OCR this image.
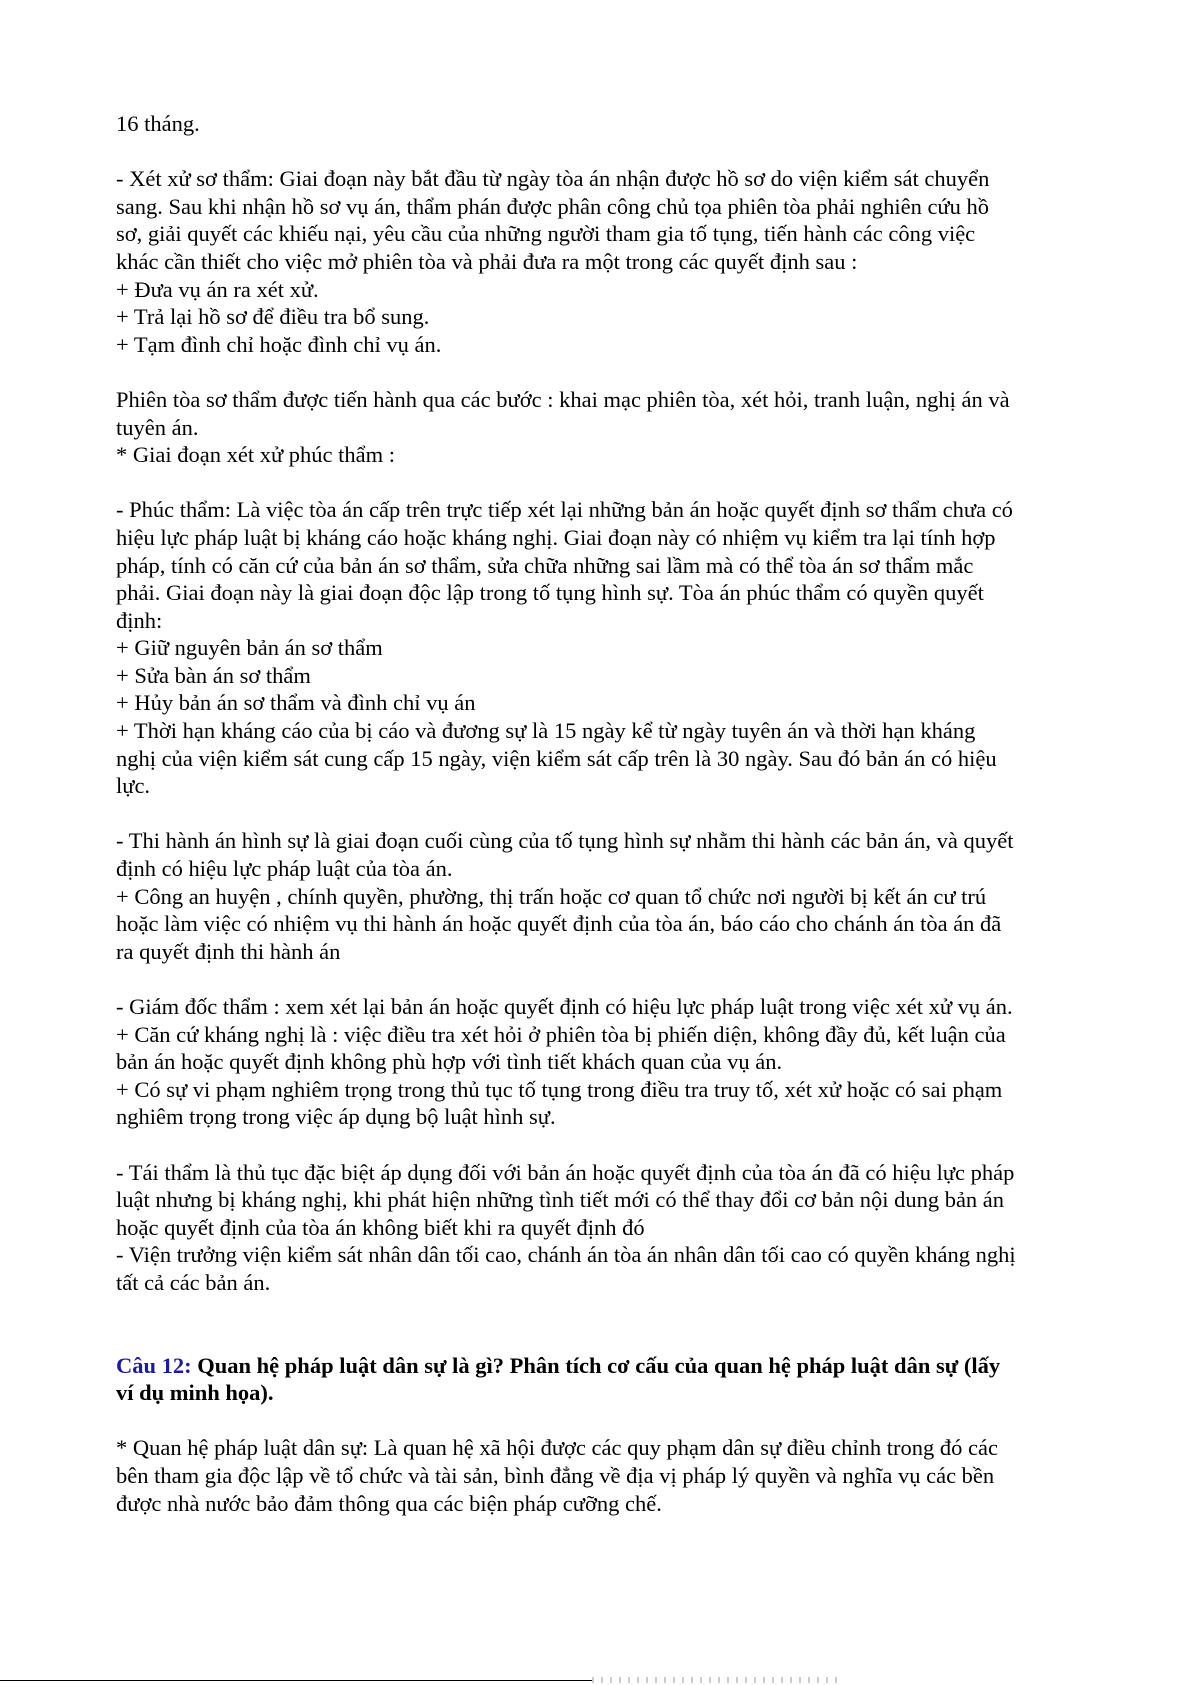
16 tháng.
- Xét xử sơ thẩm: Giai đoạn này bắt đầu từ ngày tòa án nhận được hồ sơ do viện kiểm sát chuyển
sang. Sau khi nhận hồ sơ vụ án, thẩm phán được phân công chủ tọa phiên tòa phải nghiên cứu hồ
sơ, giải quyết các khiếu nại, yêu cầu của những người tham gia tố tụng, tiến hành các công việc
khác cần thiết cho việc mở phiên tòa và phải đưa ra một trong các quyết định sau :
+ Đưa vụ án ra xét xử.
+ Trả lại hồ sơ để điều tra bổ sung.
+ Tạm đình chỉ hoặc đình chỉ vụ án.
Phiên tòa sơ thẩm được tiến hành qua các bước : khai mạc phiên tòa, xét hỏi, tranh luận, nghị án và
tuyên án.
* Giai đoạn xét xử phúc thẩm :
- Phúc thẩm: Là việc tòa án cấp trên trực tiếp xét lại những bản án hoặc quyết định sơ thẩm chưa có
hiệu lực pháp luật bị kháng cáo hoặc kháng nghị. Giai đoạn này có nhiệm vụ kiểm tra lại tính hợp
pháp, tính có căn cứ của bản án sơ thẩm, sửa chữa những sai lầm mà có thể tòa án sơ thẩm mắc
phải. Giai đoạn này là giai đoạn độc lập trong tố tụng hình sự. Tòa án phúc thẩm có quyền quyết
định:
+ Giữ nguyên bản án sơ thẩm
+ Sửa bàn án sơ thẩm
+ Hủy bản án sơ thẩm và đình chỉ vụ án
+ Thời hạn kháng cáo của bị cáo và đương sự là 15 ngày kể từ ngày tuyên án và thời hạn kháng
nghị của viện kiểm sát cung cấp 15 ngày, viện kiểm sát cấp trên là 30 ngày. Sau đó bản án có hiệu
lực.
- Thi hành án hình sự là giai đoạn cuối cùng của tố tụng hình sự nhằm thi hành các bản án, và quyết
định có hiệu lực pháp luật của tòa án.
+ Công an huyện , chính quyền, phường, thị trấn hoặc cơ quan tổ chức nơi người bị kết án cư trú
hoặc làm việc có nhiệm vụ thi hành án hoặc quyết định của tòa án, báo cáo cho chánh án tòa án đã
ra quyết định thi hành án
- Giám đốc thẩm : xem xét lại bản án hoặc quyết định có hiệu lực pháp luật trong việc xét xử vụ án.
+ Căn cứ kháng nghị là : việc điều tra xét hỏi ở phiên tòa bị phiến diện, không đầy đủ, kết luận của
bản án hoặc quyết định không phù hợp với tình tiết khách quan của vụ án.
+ Có sự vi phạm nghiêm trọng trong thủ tục tố tụng trong điều tra truy tố, xét xử hoặc có sai phạm
nghiêm trọng trong việc áp dụng bộ luật hình sự.
- Tái thẩm là thủ tục đặc biệt áp dụng đối với bản án hoặc quyết định của tòa án đã có hiệu lực pháp
luật nhưng bị kháng nghị, khi phát hiện những tình tiết mới có thể thay đổi cơ bản nội dung bản án
hoặc quyết định của tòa án không biết khi ra quyết định đó
- Viện trưởng viện kiểm sát nhân dân tối cao, chánh án tòa án nhân dân tối cao có quyền kháng nghị
tất cả các bản án.
Câu 12: Quan hệ pháp luật dân sự là gì? Phân tích cơ cấu của quan hệ pháp luật dân sự (lấy
ví dụ minh họa).
* Quan hệ pháp luật dân sự: Là quan hệ xã hội được các quy phạm dân sự điều chỉnh trong đó các
bên tham gia độc lập về tổ chức và tài sản, bình đẳng về địa vị pháp lý quyền và nghĩa vụ các bền
được nhà nước bảo đảm thông qua các biện pháp cưỡng chế.
